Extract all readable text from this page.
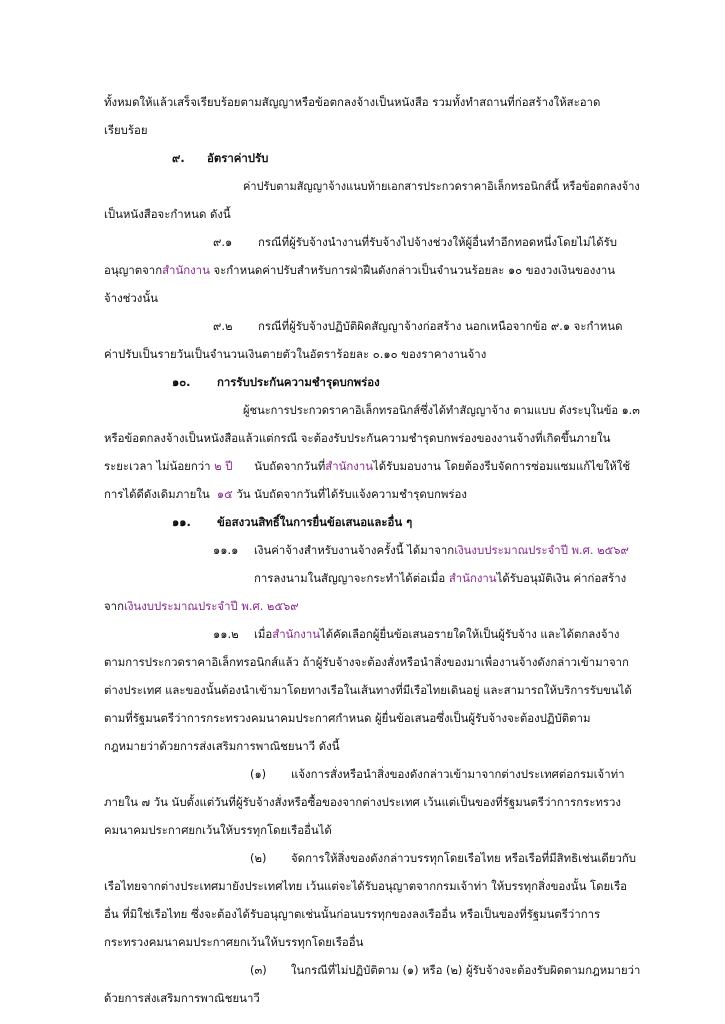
ทั้งหมดให้แล้วเสร็จเรียบร้อยตามสัญญาหรือข้อตกลงจ้างเป็นหนังสือ รวมทั้งทำสถานที่ก่อสร้างให้สะอาด
เรียบร้อย
๙. อัตราค่าปรับ
ค่าปรับตามสัญญาจ้างแนบท้ายเอกสารประกวดราคาอิเล็กทรอนิกส์นี้ หรือข้อตกลงจ้าง
เป็นหนังสือจะกำหนด ดังนี้
๙.๑ กรณีที่ผู้รับจ้างนำงานที่รับจ้างไปจ้างช่วงให้ผู้อื่นทำอีกทอดหนึ่งโดยไม่ได้รับ
อนุญาตจากสำนักงาน จะกำหนดค่าปรับสำหรับการฝ่าฝืนดังกล่าวเป็นจำนวนร้อยละ ๑๐ ของวงเงินของงาน
จ้างช่วงนั้น
๙.๒ กรณีที่ผู้รับจ้างปฏิบัติผิดสัญญาจ้างก่อสร้าง นอกเหนือจากข้อ ๙.๑ จะกำหนด
ค่าปรับเป็นรายวันเป็นจำนวนเงินตายตัวในอัตราร้อยละ ๐.๑๐ ของราคางานจ้าง
๑๐. การรับประกันความชำรุดบกพร่อง
ผู้ชนะการประกวดราคาอิเล็กทรอนิกส์ซึ่งได้ทำสัญญาจ้าง ตามแบบ ดังระบุในข้อ ๑.๓
หรือข้อตกลงจ้างเป็นหนังสือแล้วแต่กรณี จะต้องรับประกันความชำรุดบกพร่องของงานจ้างที่เกิดขึ้นภายใน
ระยะเวลา ไม่น้อยกว่า ๒ ปี นับถัดจากวันที่สำนักงานได้รับมอบงาน โดยต้องรีบจัดการซ่อมแซมแก้ไขให้ใช้
การได้ดีดังเดิมภายใน ๑๕ วัน นับถัดจากวันที่ได้รับแจ้งความชำรุดบกพร่อง
๑๑. ข้อสงวนสิทธิ์ในการยื่นข้อเสนอและอื่น ๆ
๑๑.๑ เงินค่าจ้างสำหรับงานจ้างครั้งนี้ ได้มาจากเงินงบประมาณประจำปี พ.ศ. ๒๕๖๙
การลงนามในสัญญาจะกระทำได้ต่อเมื่อ สำนักงานได้รับอนุมัติเงิน ค่าก่อสร้าง
จากเงินงบประมาณประจำปี พ.ศ. ๒๕๖๙
๑๑.๒ เมื่อสำนักงานได้คัดเลือกผู้ยื่นข้อเสนอรายใดให้เป็นผู้รับจ้าง และได้ตกลงจ้าง
ตามการประกวดราคาอิเล็กทรอนิกส์แล้ว ถ้าผู้รับจ้างจะต้องสั่งหรือนำสิ่งของมาเพื่องานจ้างดังกล่าวเข้ามาจาก
ต่างประเทศ และของนั้นต้องนำเข้ามาโดยทางเรือในเส้นทางที่มีเรือไทยเดินอยู่ และสามารถให้บริการรับขนได้
ตามที่รัฐมนตรีว่าการกระทรวงคมนาคมประกาศกำหนด ผู้ยื่นข้อเสนอซึ่งเป็นผู้รับจ้างจะต้องปฏิบัติตาม
กฎหมายว่าด้วยการส่งเสริมการพาณิชยนาวี ดังนี้
(๑) แจ้งการสั่งหรือนำสิ่งของดังกล่าวเข้ามาจากต่างประเทศต่อกรมเจ้าท่า
ภายใน ๗ วัน นับตั้งแต่วันที่ผู้รับจ้างสั่งหรือซื้อของจากต่างประเทศ เว้นแต่เป็นของที่รัฐมนตรีว่าการกระทรวง
คมนาคมประกาศยกเว้นให้บรรทุกโดยเรืออื่นได้
(๒) จัดการให้สิ่งของดังกล่าวบรรทุกโดยเรือไทย หรือเรือที่มีสิทธิเช่นเดียวกับ
เรือไทยจากต่างประเทศมายังประเทศไทย เว้นแต่จะได้รับอนุญาตจากกรมเจ้าท่า ให้บรรทุกสิ่งของนั้น โดยเรือ
อื่น ที่มิใช่เรือไทย ซึ่งจะต้องได้รับอนุญาตเช่นนั้นก่อนบรรทุกของลงเรืออื่น หรือเป็นของที่รัฐมนตรีว่าการ
กระทรวงคมนาคมประกาศยกเว้นให้บรรทุกโดยเรืออื่น
(๓) ในกรณีที่ไม่ปฏิบัติตาม (๑) หรือ (๒) ผู้รับจ้างจะต้องรับผิดตามกฎหมายว่า
ด้วยการส่งเสริมการพาณิชยนาวี
